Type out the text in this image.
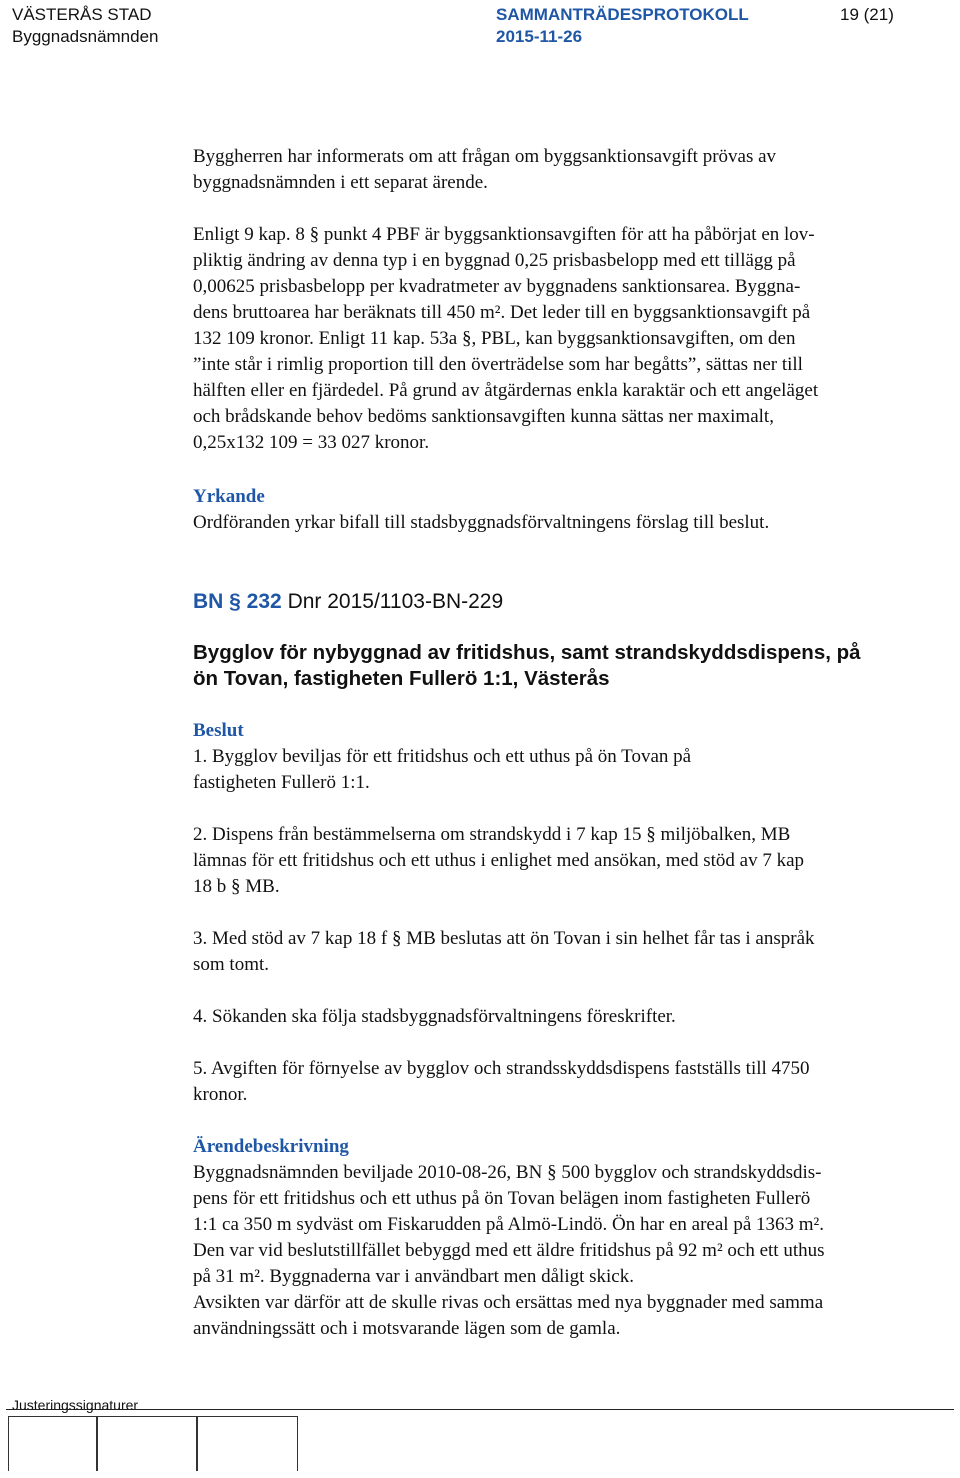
VÄSTERÅS STAD
Byggnadsnämnden
SAMMANTRÄDESPROTOKOLL
2015-11-26
19 (21)

Byggherren har informerats om att frågan om byggsanktionsavgift prövas av

byggnadsnämnden i ett separat ärende.

Enligt 9 kap. 8 § punkt 4 PBF är byggsanktionsavgiften för att ha påbörjat en lov-

pliktig ändring av denna typ i en byggnad 0,25 prisbasbelopp med ett tillägg på

0,00625 prisbasbelopp per kvadratmeter av byggnadens sanktionsarea. Byggna-

dens bruttoarea har beräknats till 450 m². Det leder till en byggsanktionsavgift på

132 109 kronor. Enligt 11 kap. 53a §, PBL, kan byggsanktionsavgiften, om den

”inte står i rimlig proportion till den överträdelse som har begåtts”, sättas ner till

hälften eller en fjärdedel. På grund av åtgärdernas enkla karaktär och ett angeläget

och brådskande behov bedöms sanktionsavgiften kunna sättas ner maximalt,

0,25x132 109 = 33 027 kronor.

Yrkande

Ordföranden yrkar bifall till stadsbyggnadsförvaltningens förslag till beslut.

BN § 232 Dnr 2015/1103-BN-229

Bygglov för nybyggnad av fritidshus, samt strandskyddsdispens, på

ön Tovan, fastigheten Fullerö 1:1, Västerås

Beslut

1. Bygglov beviljas för ett fritidshus och ett uthus på ön Tovan på

fastigheten Fullerö 1:1.

2. Dispens från bestämmelserna om strandskydd i 7 kap 15 § miljöbalken, MB

lämnas för ett fritidshus och ett uthus i enlighet med ansökan, med stöd av 7 kap

18 b § MB.

3. Med stöd av 7 kap 18 f § MB beslutas att ön Tovan i sin helhet får tas i anspråk

som tomt.

4. Sökanden ska följa stadsbyggnadsförvaltningens föreskrifter.

5. Avgiften för förnyelse av bygglov och strandsskyddsdispens fastställs till 4750

kronor.

Ärendebeskrivning

Byggnadsnämnden beviljade 2010-08-26, BN § 500 bygglov och strandskyddsdis-

pens för ett fritidshus och ett uthus på ön Tovan belägen inom fastigheten Fullerö

1:1 ca 350 m sydväst om Fiskarudden på Almö-Lindö. Ön har en areal på 1363 m².

Den var vid beslutstillfället bebyggd med ett äldre fritidshus på 92 m² och ett uthus

på 31 m². Byggnaderna var i användbart men dåligt skick.

Avsikten var därför att de skulle rivas och ersättas med nya byggnader med samma

användningssätt och i motsvarande lägen som de gamla.

Justeringssignaturer
